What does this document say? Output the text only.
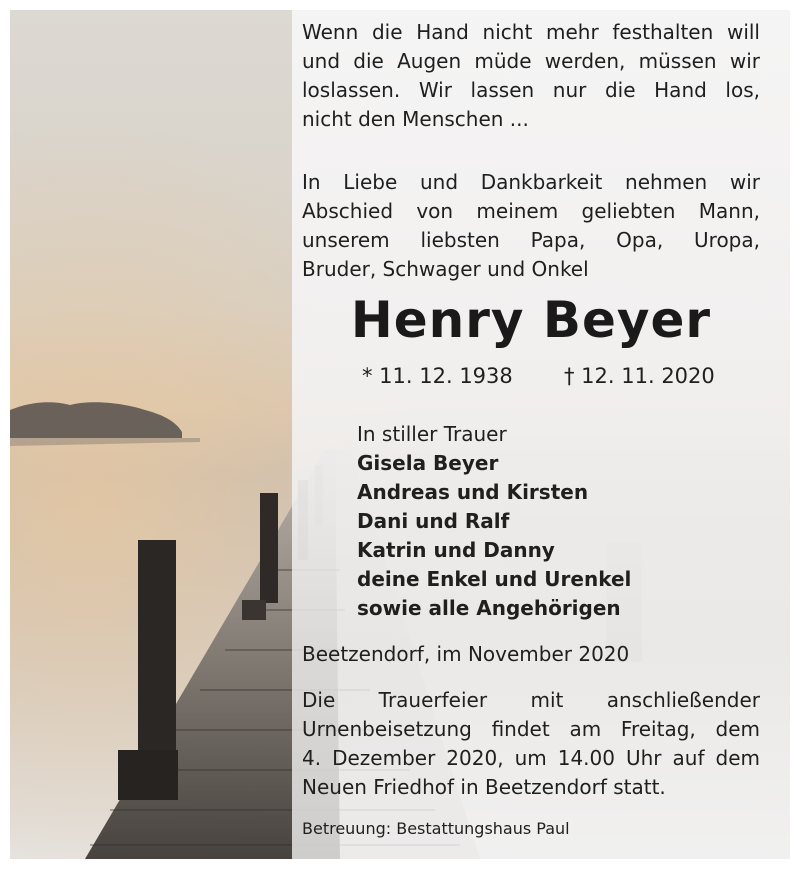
Wenn die Hand nicht mehr festhalten will
und die Augen müde werden, müssen wir
loslassen. Wir lassen nur die Hand los,
nicht den Menschen ...
In Liebe und Dankbarkeit nehmen wir
Abschied von meinem geliebten Mann,
unserem liebsten Papa, Opa, Uropa,
Bruder, Schwager und Onkel
Henry Beyer
* 11. 12. 1938 † 12. 11. 2020
In stiller Trauer
Gisela Beyer
Andreas und Kirsten
Dani und Ralf
Katrin und Danny
deine Enkel und Urenkel
sowie alle Angehörigen
Beetzendorf, im November 2020
Die Trauerfeier mit anschließender
Urnenbeisetzung findet am Freitag, dem
4. Dezember 2020, um 14.00 Uhr auf dem
Neuen Friedhof in Beetzendorf statt.
Betreuung: Bestattungshaus Paul
